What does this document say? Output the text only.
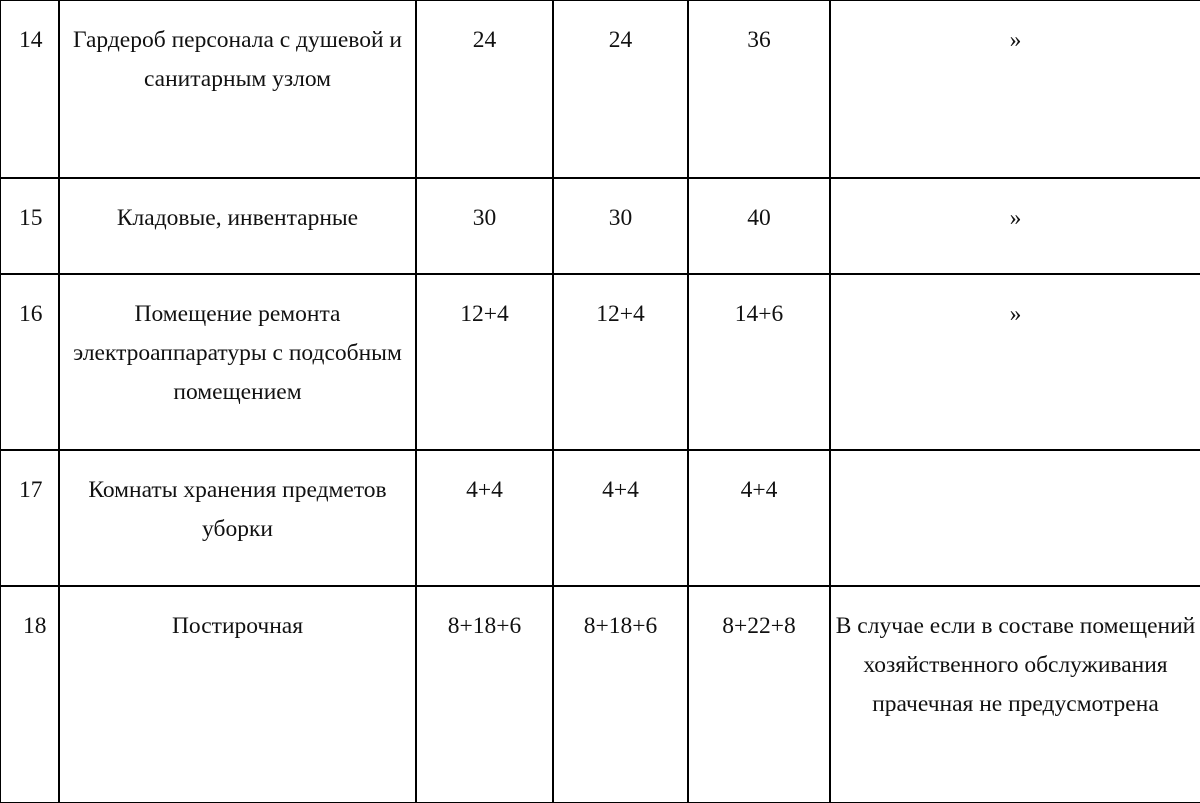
14	Гардероб персонала с душевой и санитарным узлом	24	24	36	»

15	Кладовые, инвентарные	30	30	40	»

16	Помещение ремонта электроаппаратуры с подсобным помещением	12+4	12+4	14+6	»

17	Комнаты хранения предметов уборки	4+4	4+4	4+4	

18	Постирочная	8+18+6	8+18+6	8+22+8	В случае если в составе помещений хозяйственного обслуживания прачечная не предусмотрена
